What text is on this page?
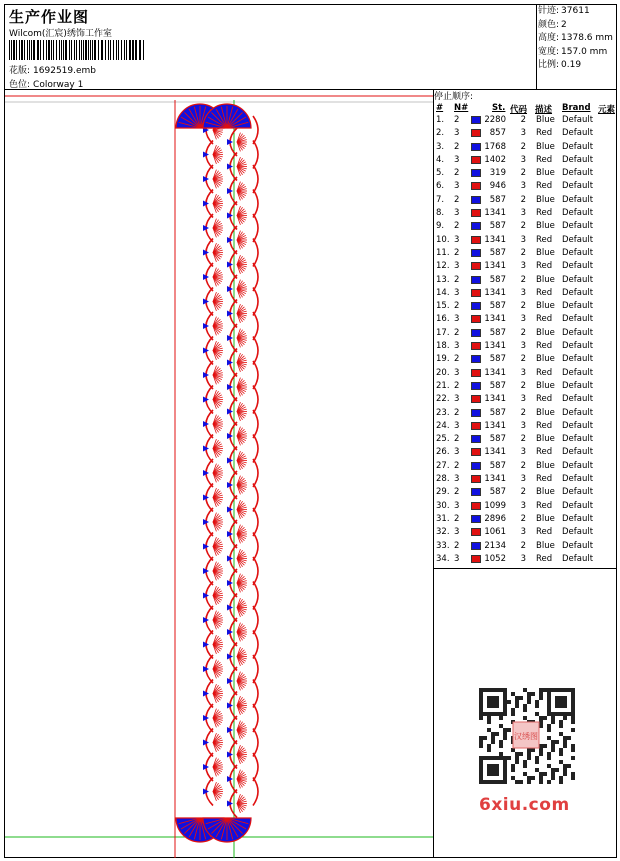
生产作业图
Wilcom(汇宸)绣饰工作室
花版: 1692519.emb
色位: Colorway 1
针迹: 37611
颜色: 2
高度: 1378.6 mm
宽度: 157.0 mm
比例: 0.19
停止顺序:
# N#	St. 代码 描述 Brand 元素
1. 2	2280	2 Blue Default
2. 3	857	3 Red Default
3. 2	1768	2 Blue Default
4. 3	1402	3 Red Default
5. 2	319	2 Blue Default
6. 3	946	3 Red Default
7. 2	587	2 Blue Default
8. 3	1341	3 Red Default
9. 2	587	2 Blue Default
10. 3	1341	3 Red Default
11. 2	587	2 Blue Default
12. 3	1341	3 Red Default
13. 2	587	2 Blue Default
14. 3	1341	3 Red Default
15. 2	587	2 Blue Default
16. 3	1341	3 Red Default
17. 2	587	2 Blue Default
18. 3	1341	3 Red Default
19. 2	587	2 Blue Default
20. 3	1341	3 Red Default
21. 2	587	2 Blue Default
22. 3	1341	3 Red Default
23. 2	587	2 Blue Default
24. 3	1341	3 Red Default
25. 2	587	2 Blue Default
26. 3	1341	3 Red Default
27. 2	587	2 Blue Default
28. 3	1341	3 Red Default
29. 2	587	2 Blue Default
30. 3	1099	3 Red Default
31. 2	2896	2 Blue Default
32. 3	1061	3 Red Default
33. 2	2134	2 Blue Default
34. 3	1052	3 Red Default
汉绣图
6xiu.com
